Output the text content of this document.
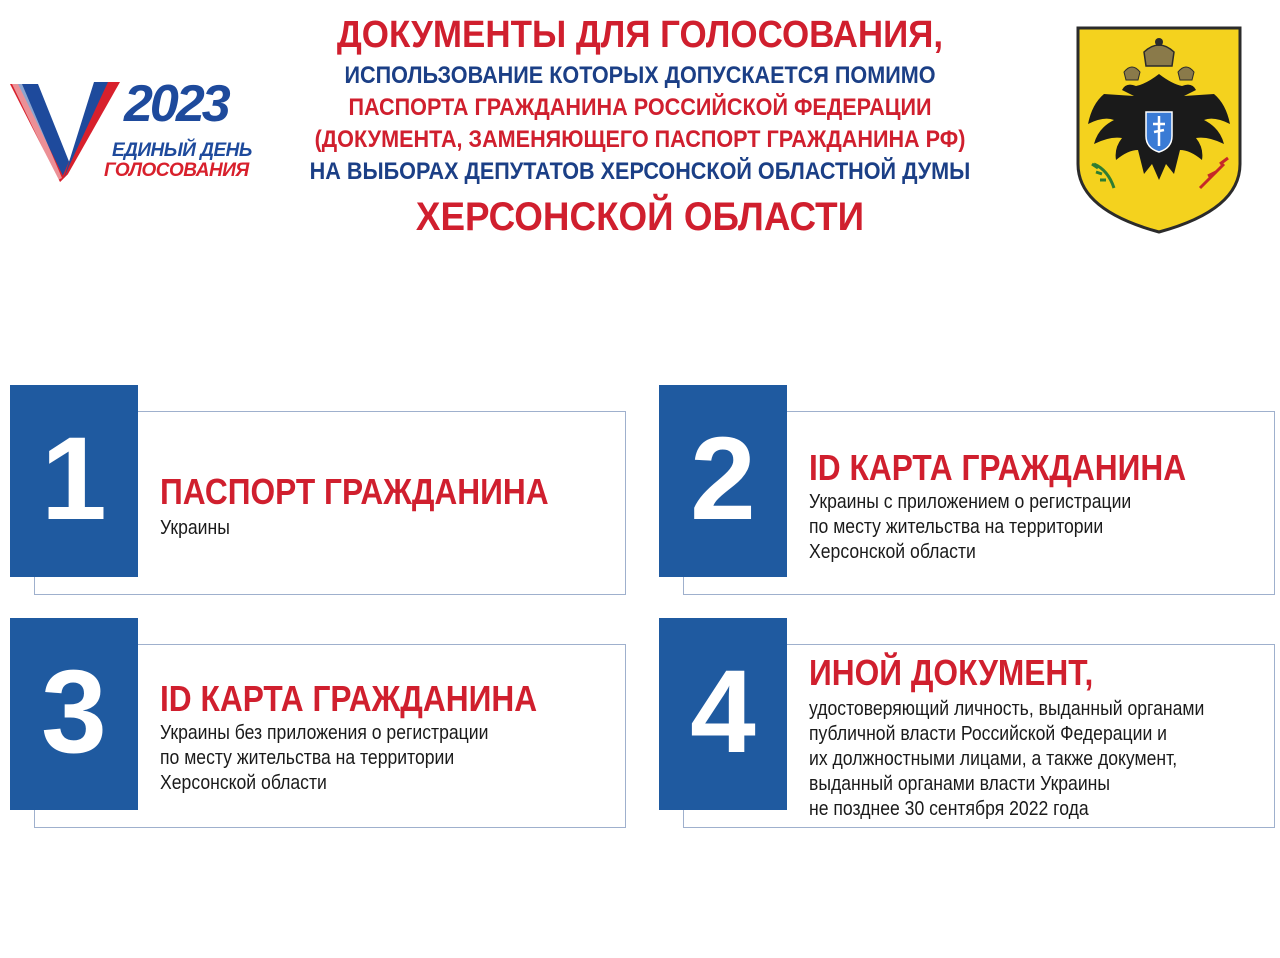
2023
ЕДИНЫЙ ДЕНЬ
ГОЛОСОВАНИЯ
ДОКУМЕНТЫ ДЛЯ ГОЛОСОВАНИЯ,
ИСПОЛЬЗОВАНИЕ КОТОРЫХ ДОПУСКАЕТСЯ ПОМИМО
ПАСПОРТА ГРАЖДАНИНА РОССИЙСКОЙ ФЕДЕРАЦИИ
(ДОКУМЕНТА, ЗАМЕНЯЮЩЕГО ПАСПОРТ ГРАЖДАНИНА РФ)
НА ВЫБОРАХ ДЕПУТАТОВ ХЕРСОНСКОЙ ОБЛАСТНОЙ ДУМЫ
ХЕРСОНСКОЙ ОБЛАСТИ
ПАСПОРТ ГРАЖДАНИНА
Украины
1	ID КАРТА ГРАЖДАНИНА
Украины с приложением о регистрации
по месту жительства на территории
Херсонской области
2
ID КАРТА ГРАЖДАНИНА
Украины без приложения о регистрации
по месту жительства на территории
Херсонской области
3	ИНОЙ ДОКУМЕНТ,
удостоверяющий личность, выданный органами
публичной власти Российской Федерации и
их должностными лицами, а также документ,
выданный органами власти Украины
не позднее 30 сентября 2022 года
4
